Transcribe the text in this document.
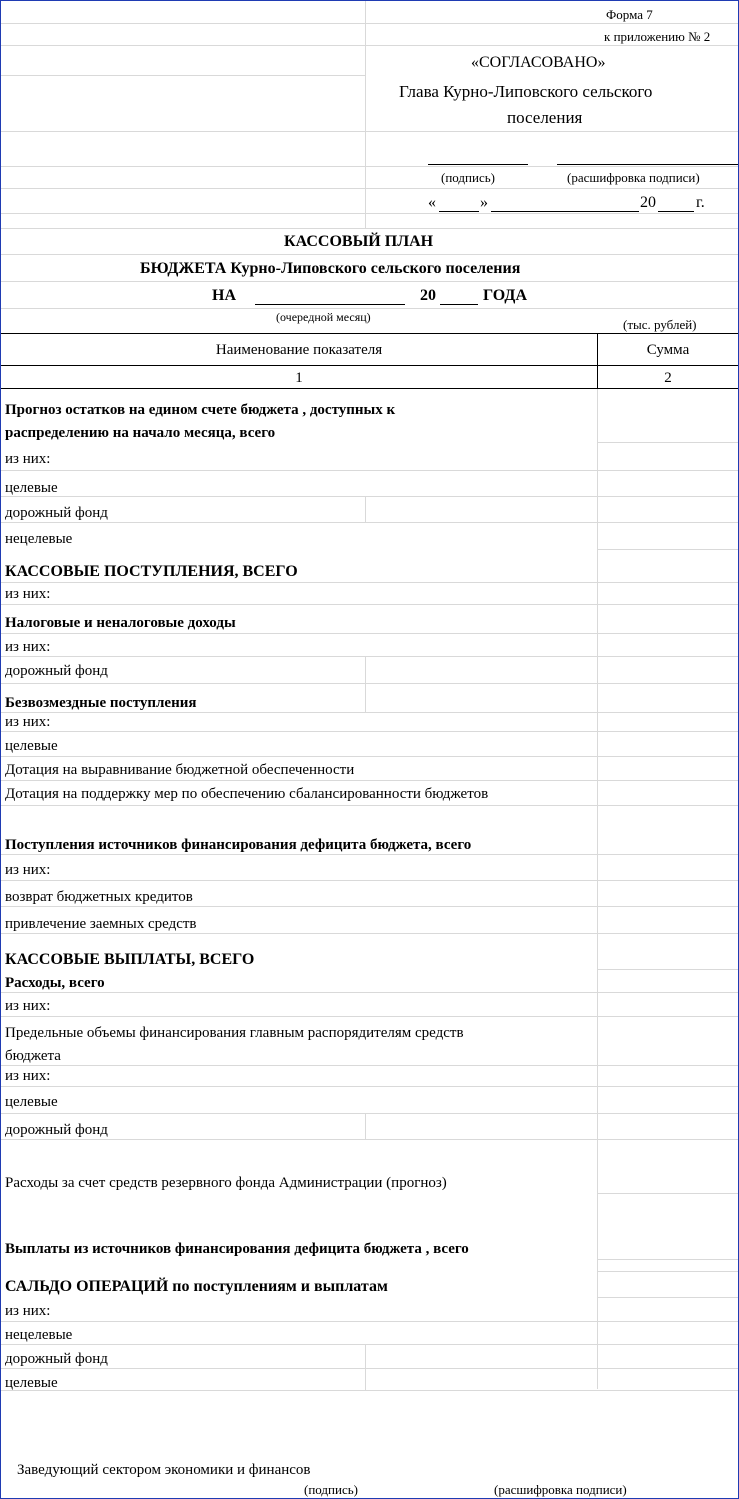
Форма 7
к приложению № 2
«СОГЛАСОВАНО»
Глава Курно-Липовского сельского
поселения
(подпись)	(расшифровка подписи)
«	»	20	г.
КАССОВЫЙ ПЛАН
БЮДЖЕТА Курно-Липовского сельского поселения
НА	20	ГОДА
(очередной месяц)	(тыс. рублей)
Наименование показателя	Сумма
1	2
Прогноз остатков на едином счете бюджета , доступных к
распределению на начало месяца, всего
из них:
целевые
дорожный фонд
нецелевые
КАССОВЫЕ ПОСТУПЛЕНИЯ, ВСЕГО
из них:
Налоговые и неналоговые доходы
из них:
дорожный фонд
Безвозмездные поступления
из них:
целевые
Дотация на выравнивание бюджетной обеспеченности
Дотация на поддержку мер по обеспечению сбалансированности бюджетов
Поступления источников финансирования дефицита бюджета, всего
из них:
возврат бюджетных кредитов
привлечение заемных средств
КАССОВЫЕ ВЫПЛАТЫ, ВСЕГО
Расходы, всего
из них:
Предельные объемы финансирования главным распорядителям средств
бюджета
из них:
целевые
дорожный фонд
Расходы за счет средств резервного фонда Администрации (прогноз)
Выплаты из источников финансирования дефицита бюджета , всего
САЛЬДО ОПЕРАЦИЙ по поступлениям и выплатам
из них:
нецелевые
дорожный фонд
целевые
Заведующий сектором экономики и финансов
(подпись)	(расшифровка подписи)
